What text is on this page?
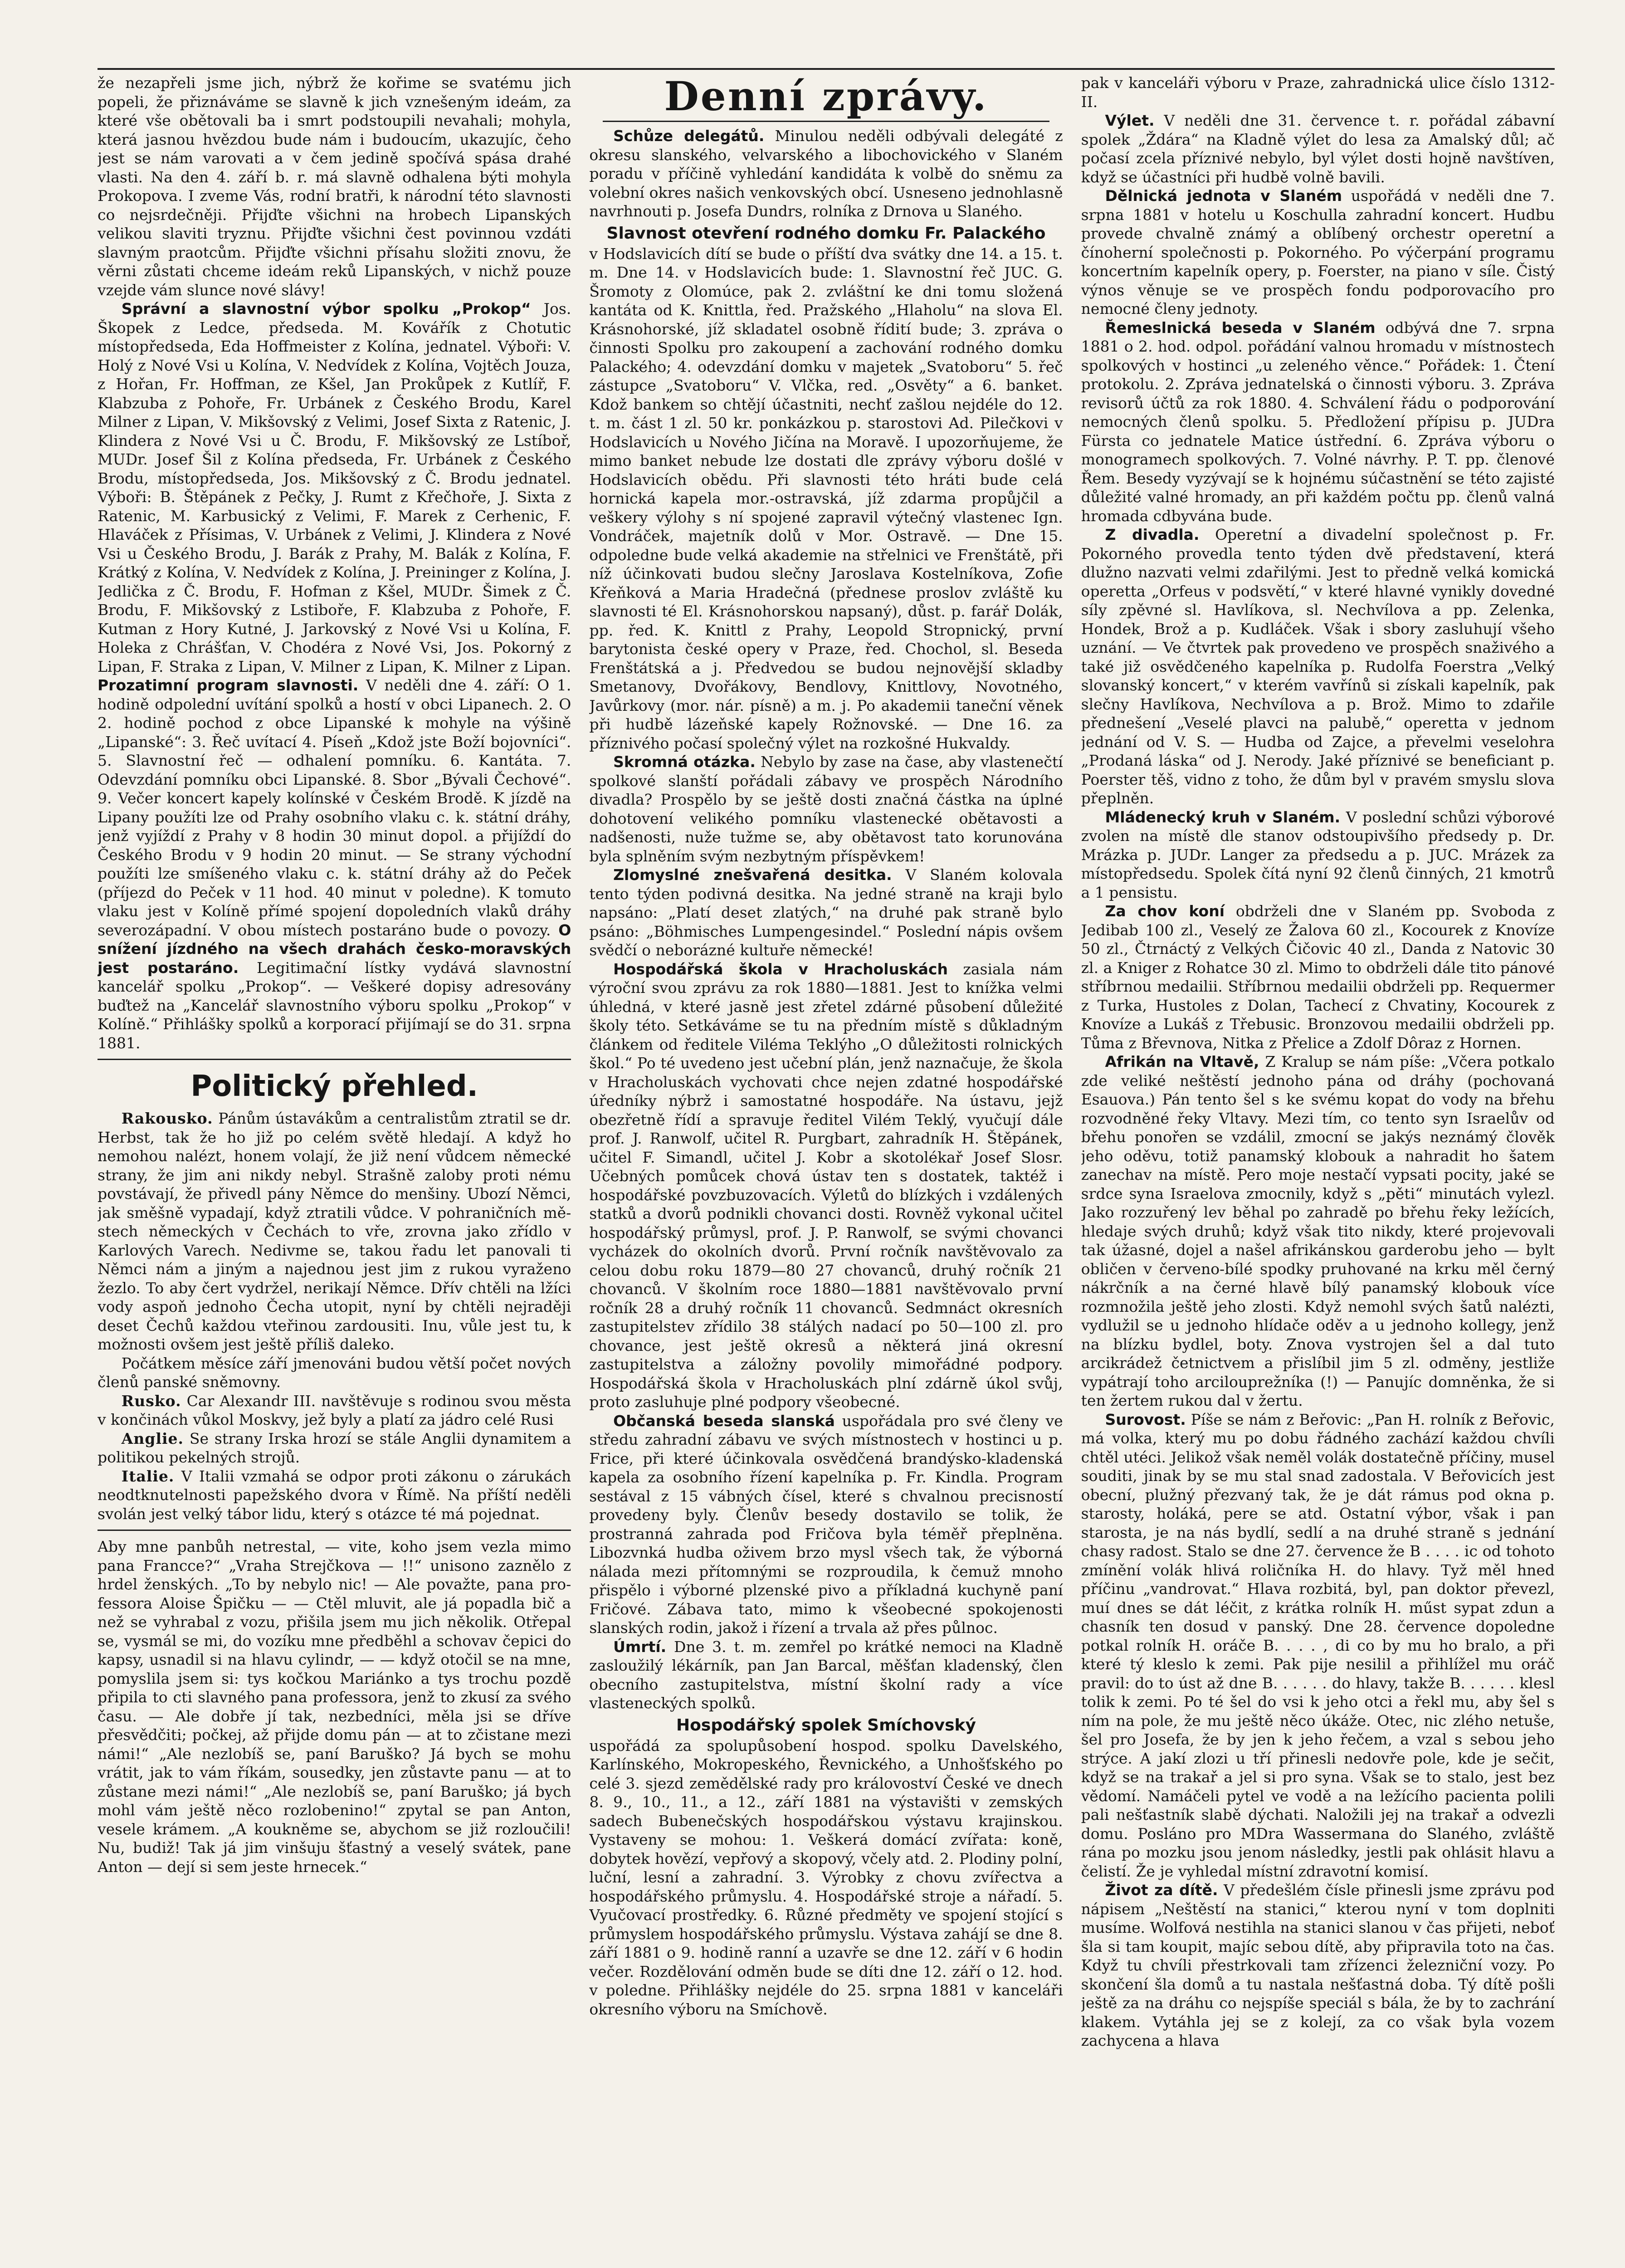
že nezapřeli jsme jich, nýbrž že kořime se svatému jich popeli, že přiznáváme se slavně k jich vznešeným ideám, za které vše obětovali ba i smrt podstoupili nevahali; mohyla, která jasnou hvězdou bude nám i budoucím, ukazujíc, čeho jest se nám varovati a v čem jedině spočívá spása drahé vlasti. Na den 4. září b. r. má slavně odhalena býti mohyla Prokopova. I zveme Vás, rodní bratři, k národní této slavnosti co nejsrdečněji. Přijďte všichni na hrobech Lipanských velikou slaviti tryznu. Přijďte všichni čest povinnou vzdáti slavným praotcům. Přijďte všichni přísahu složiti znovu, že věrni zůstati chceme ideám reků Lipanských, v nichž pouze vzejde vám slunce nové slávy!

Správní a slavnostní výbor spolku „Prokop“ Jos. Škopek z Ledce, předseda. M. Kovářík z Chotutic místopředseda, Eda Hoffmeister z Kolína, jednatel. Výboři: V. Holý z Nové Vsi u Kolína, V. Nedvídek z Kolína, Vojtěch Jouza, z Hořan, Fr. Hoffman, ze Kšel, Jan Prokůpek z Kutlíř, F. Klabzuba z Pohoře, Fr. Urbánek z Českého Brodu, Karel Milner z Lipan, V. Mikšovský z Velimi, Josef Sixta z Ratenic, J. Klindera z Nové Vsi u Č. Brodu, F. Mikšovský ze Lstíboř, MUDr. Josef Šil z Kolína předseda, Fr. Urbánek z Českého Brodu, místopředseda, Jos. Mikšovský z Č. Brodu jednatel. Výboři: B. Štěpánek z Pečky, J. Rumt z Křečhoře, J. Sixta z Ratenic, M. Karbusický z Velimi, F. Marek z Cerhenic, F. Hlaváček z Přísimas, V. Urbánek z Velimi, J. Klindera z Nové Vsi u Českého Brodu, J. Barák z Prahy, M. Balák z Kolína, F. Krátký z Kolína, V. Nedvídek z Kolína, J. Preininger z Kolína, J. Jedlička z Č. Brodu, F. Hofman z Kšel, MUDr. Šimek z Č. Brodu, F. Mikšovský z Lstiboře, F. Klabzuba z Pohoře, F. Kutman z Hory Kutné, J. Jarkovský z Nové Vsi u Kolína, F. Holeka z Chrášťan, V. Chodéra z Nové Vsi, Jos. Pokorný z Lipan, F. Straka z Lipan, V. Milner z Lipan, K. Milner z Lipan. Prozatimní program slavnosti. V neděli dne 4. září: O 1. hodině odpolední uvítání spolků a hostí v obci Lipanech. 2. O 2. hodině pochod z obce Lipanské k mohyle na výšině „Lipanské“: 3. Řeč uvítací 4. Píseň „Kdož jste Boží bojovníci“. 5. Slavnostní řeč — odhalení pomníku. 6. Kantáta. 7. Odevzdání pomníku obci Lipanské. 8. Sbor „Bývali Čechové“. 9. Večer koncert kapely kolínské v Českém Brodě. K jízdě na Lipany použíti lze od Prahy osobního vlaku c. k. státní dráhy, jenž vyjíždí z Prahy v 8 hodin 30 minut dopol. a přijíždí do Českého Brodu v 9 hodin 20 minut. — Se strany východní použíti lze smíšeného vlaku c. k. státní dráhy až do Peček (příjezd do Peček v 11 hod. 40 minut v poledne). K tomuto vlaku jest v Kolíně přímé spojení dopoledních vlaků dráhy severozápadní. V obou místech postaráno bude o povozy. O snížení jízdného na všech drahách česko-moravských jest postaráno. Legitimační lístky vydává slavnostní kancelář spolku „Prokop“. — Veškeré dopisy adresovány buďtež na „Kancelář slavnostního výboru spolku „Prokop“ v Kolíně.“ Přihlášky spolků a korporací přijímají se do 31. srpna 1881.

Politický přehled.

Rakousko. Pánům ústavákům a centralistům ztratil se dr. Herbst, tak že ho již po celém světě hledají. A když ho nemohou nalézt, honem volají, že již není vůdcem německé strany, že jim ani nikdy nebyl. Strašně zaloby proti nému povstávají, že přivedl pány Němce do menšiny. Ubozí Němci, jak směšně vypadají, když ztratili vůdce. V pohraničních městech německých v Čechách to vře, zrovna jako zřídlo v Karlových Varech. Nedivme se, takou řadu let panovali ti Němci nám a jiným a najednou jest jim z rukou vyraženo žezlo. To aby čert vydržel, nerikají Němce. Dřív chtěli na lžíci vody aspoň jednoho Čecha utopit, nyní by chtěli nejraději deset Čechů každou vteřinou zardousiti. Inu, vůle jest tu, k možnosti ovšem jest ještě příliš daleko.

Počátkem měsíce září jmenováni budou větší počet nových členů panské sněmovny.

Rusko. Car Alexandr III. navštěvuje s rodinou svou města v končinách vůkol Moskvy, jež byly a platí za jádro celé Rusi

Anglie. Se strany Irska hrozí se stále Anglii dynamitem a politikou pekelných strojů.

Italie. V Italii vzmahá se odpor proti zákonu o zárukách neodtknutelnosti papežského dvora v Římě. Na příští neděli svolán jest velký tábor lidu, který s otázce té má pojednat.

Aby mne panbůh netrestal, — vite, koho jsem vezla mimo pana Francce?“ „Vraha Strejčkova — !!“ unisono zaznělo z hrdel ženských. „To by nebylo nic! — Ale považte, pana professora Aloise Špičku — — Ctěl mluvit, ale já popadla bič a než se vyhrabal z vozu, přišila jsem mu jich několik. Otřepal se, vysmál se mi, do vozíku mne předběhl a schovav čepici do kapsy, usnadil si na hlavu cylindr, — — když otočil se na mne, pomyslila jsem si: tys kočkou Mariánko a tys trochu pozdě připila to cti slavného pana professora, jenž to zkusí za svého času. — Ale dobře jí tak, nezbedníci, měla jsi se dříve přesvědčiti; počkej, až přijde domu pán — at to zčistane mezi námi!“ „Ale nezlobíš se, paní Baruško? Já bych se mohu vrátit, jak to vám říkám, sousedky, jen zůstavte panu — at to zůstane mezi námi!“ „Ale nezlobíš se, paní Baruško; já bych mohl vám ještě něco rozlobenino!“ zpytal se pan Anton, vesele krámem. „A koukněme se, abychom se již rozloučili! Nu, budiž! Tak já jim vinšuju šťastný a veselý svátek, pane Anton — dejí si sem jeste hrnecek.“

Denní zprávy.

Schůze delegátů. Minulou neděli odbývali delegáté z okresu slanského, velvarského a libochovického v Slaném poradu v příčině vyhledání kandidáta k volbě do sněmu za volební okres našich venkovských obcí. Usneseno jednohlasně navrhnouti p. Josefa Dundrs, rolníka z Drnova u Slaného.

Slavnost otevření rodného domku Fr. Palackého

v Hodslavicích dítí se bude o příští dva svátky dne 14. a 15. t. m. Dne 14. v Hodslavicích bude: 1. Slavnostní řeč JUC. G. Šromoty z Olomúce, pak 2. zvláštní ke dni tomu složená kantáta od K. Knittla, řed. Pražského „Hlaholu“ na slova El. Krásnohorské, jíž skladatel osobně řídití bude; 3. zpráva o činnosti Spolku pro zakoupení a zachování rodného domku Palackého; 4. odevzdání domku v majetek „Svatoboru“ 5. řeč zástupce „Svatoboru“ V. Vlčka, red. „Osvěty“ a 6. banket. Kdož bankem so chtějí účastniti, nechť zašlou nejdéle do 12. t. m. část 1 zl. 50 kr. ponkázkou p. starostovi Ad. Pilečkovi v Hodslavicích u Nového Jičína na Moravě. I upozorňujeme, že mimo banket nebude lze dostati dle zprávy výboru došlé v Hodslavicích obědu. Při slavnosti této hráti bude celá hornická kapela mor.-ostravská, jíž zdarma propůjčil a veškery výlohy s ní spojené zapravil výtečný vlastenec Ign. Vondráček, majetník dolů v Mor. Ostravě. — Dne 15. odpoledne bude velká akademie na střelnici ve Frenštátě, při níž účinkovati budou slečny Jaroslava Kostelníkova, Zofie Křeňková a Maria Hradečná (přednese proslov zvláště ku slavnosti té El. Krásnohorskou napsaný), důst. p. farář Dolák, pp. řed. K. Knittl z Prahy, Leopold Stropnický, první barytonista české opery v Praze, řed. Chochol, sl. Beseda Frenštátská a j. Předvedou se budou nejnovější skladby Smetanovy, Dvořákovy, Bendlovy, Knittlovy, Novotného, Javůrkovy (mor. nár. písně) a m. j. Po akademii taneční věnek při hudbě lázeňské kapely Rožnovské. — Dne 16. za příznivého počasí společný výlet na rozkošné Hukvaldy.

Skromná otázka. Nebylo by zase na čase, aby vlastenečtí spolkové slanští pořádali zábavy ve prospěch Národního divadla? Prospělo by se ještě dosti značná částka na úplné dohotovení velikého pomníku vlastenecké obětavosti a nadšenosti, nuže tužme se, aby obětavost tato korunována byla splněním svým nezbytným příspěvkem!

Zlomyslné znešvařená desitka. V Slaném kolovala tento týden podivná desitka. Na jedné straně na kraji bylo napsáno: „Platí deset zlatých,“ na druhé pak straně bylo psáno: „Böhmisches Lumpengesindel.“ Poslední nápis ovšem svědčí o neborázné kultuře německé!

Hospodářská škola v Hracholuskách zasiala nám výroční svou zprávu za rok 1880—1881. Jest to knížka velmi úhledná, v které jasně jest zřetel zdárné působení důležité školy této. Setkáváme se tu na předním místě s důkladným článkem od ředitele Viléma Teklýho „O důležitosti rolnických škol.“ Po té uvedeno jest učební plán, jenž naznačuje, že škola v Hracholuskách vychovati chce nejen zdatné hospodářské úředníky nýbrž i samostatné hospodáře. Na ústavu, jejž obezřetně řídí a spravuje ředitel Vilém Teklý, vyučují dále prof. J. Ranwolf, učitel R. Purgbart, zahradník H. Štěpánek, učitel F. Simandl, učitel J. Kobr a skotolékař Josef Slosr. Učebných pomůcek chová ústav ten s dostatek, taktéž i hospodářské povzbuzovacích. Výletů do blízkých i vzdálených statků a dvorů podnikli chovanci dosti. Rovněž vykonal učitel hospodářský průmysl, prof. J. P. Ranwolf, se svými chovanci vycházek do okolních dvorů. První ročník navštěvovalo za celou dobu roku 1879—80 27 chovanců, druhý ročník 21 chovanců. V školním roce 1880—1881 navštěvovalo první ročník 28 a druhý ročník 11 chovanců. Sedmnáct okresních zastupitelstev zřídilo 38 stálých nadací po 50—100 zl. pro chovance, jest ještě okresů a některá jiná okresní zastupitelstva a záložny povolily mimořádné podpory. Hospodářská škola v Hracholuskách plní zdárně úkol svůj, proto zasluhuje plné podpory všeobecné.

Občanská beseda slanská uspořádala pro své členy ve středu zahradní zábavu ve svých místnostech v hostinci u p. Frice, při které účinkovala osvědčená brandýsko-kladenská kapela za osobního řízení kapelníka p. Fr. Kindla. Program sestával z 15 vábných čísel, které s chvalnou precisností provedeny byly. Členův besedy dostavilo se tolik, že prostranná zahrada pod Fričova byla téměř přeplněna. Libozvnká hudba oživem brzo mysl všech tak, že výborná nálada mezi přítomnými se rozproudila, k čemuž mnoho přispělo i výborné plzenské pivo a příkladná kuchyně paní Fričové. Zábava tato, mimo k všeobecné spokojenosti slanských rodin, jakož i řízení a trvala až přes půlnoc.

Úmrtí. Dne 3. t. m. zemřel po krátké nemoci na Kladně zasloužilý lékárník, pan Jan Barcal, měšťan kladenský, člen obecního zastupitelstva, místní školní rady a více vlasteneckých spolků.

Hospodářský spolek Smíchovský

uspořádá za spolupůsobení hospod. spolku Davelského, Karlínského, Mokropeského, Řevnického, a Unhošťského po celé 3. sjezd zemědělské rady pro královoství České ve dnech 8. 9., 10., 11., a 12., září 1881 na výstavišti v zemských sadech Bubenečských hospodářskou výstavu krajinskou. Vystaveny se mohou: 1. Veškerá domácí zvířata: koně, dobytek hovězí, vepřový a skopový, včely atd. 2. Plodiny polní, luční, lesní a zahradní. 3. Výrobky z chovu zvířectva a hospodářského průmyslu. 4. Hospodářské stroje a nářadí. 5. Vyučovací prostředky. 6. Různé předměty ve spojení stojící s průmyslem hospodářského průmyslu. Výstava zahájí se dne 8. září 1881 o 9. hodině ranní a uzavře se dne 12. září v 6 hodin večer. Rozdělování odměn bude se díti dne 12. září o 12. hod. v poledne. Přihlášky nejdéle do 25. srpna 1881 v kanceláři okresního výboru na Smíchově.

pak v kanceláři výboru v Praze, zahradnická ulice číslo 1312-II.

Výlet. V neděli dne 31. července t. r. pořádal zábavní spolek „Ždára“ na Kladně výlet do lesa za Amalský důl; ač počasí zcela příznivé nebylo, byl výlet dosti hojně navštíven, když se účastníci při hudbě volně bavili.

Dělnická jednota v Slaném uspořádá v neděli dne 7. srpna 1881 v hotelu u Koschulla zahradní koncert. Hudbu provede chvalně známý a oblíbený orchestr operetní a čínoherní společnosti p. Pokorného. Po výčerpání programu koncertním kapelník opery, p. Foerster, na piano v síle. Čistý výnos věnuje se ve prospěch fondu podporovacího pro nemocné členy jednoty.

Řemeslnická beseda v Slaném odbývá dne 7. srpna 1881 o 2. hod. odpol. pořádání valnou hromadu v místnostech spolkových v hostinci „u zeleného věnce.“ Pořádek: 1. Čtení protokolu. 2. Zpráva jednatelská o činnosti výboru. 3. Zpráva revisorů účtů za rok 1880. 4. Schválení řádu o podporování nemocných členů spolku. 5. Předložení přípisu p. JUDra Fürsta co jednatele Matice ústřední. 6. Zpráva výboru o monogramech spolkových. 7. Volné návrhy. P. T. pp. členové Řem. Besedy vyzývají se k hojnému súčastnění se této zajisté důležité valné hromady, an při každém počtu pp. členů valná hromada cdbyvána bude.

Z divadla. Operetní a divadelní společnost p. Fr. Pokorného provedla tento týden dvě představení, která dlužno nazvati velmi zdařilými. Jest to předně velká komická operetta „Orfeus v podsvětí,“ v které hlavné vynikly dovedné síly zpěvné sl. Havlíkova, sl. Nechvílova a pp. Zelenka, Hondek, Brož a p. Kudláček. Však i sbory zasluhují všeho uznání. — Ve čtvrtek pak provedeno ve prospěch snaživého a také již osvědčeného kapelníka p. Rudolfa Foerstra „Velký slovanský koncert,“ v kterém vavřínů si získali kapelník, pak slečny Havlíkova, Nechvílova a p. Brož. Mimo to zdařile přednešení „Veselé plavci na palubě,“ operetta v jednom jednání od V. S. — Hudba od Zajce, a převelmi veselohra „Prodaná láska“ od J. Nerody. Jaké příznivé se beneficiant p. Poerster těš, vidno z toho, že dům byl v pravém smyslu slova přeplněn.

Mládenecký kruh v Slaném. V poslední schůzi výborové zvolen na místě dle stanov odstoupivšího předsedy p. Dr. Mrázka p. JUDr. Langer za předsedu a p. JUC. Mrázek za místopředsedu. Spolek čítá nyní 92 členů činných, 21 kmotrů a 1 pensistu.

Za chov koní obdrželi dne v Slaném pp. Svoboda z Jedibab 100 zl., Veselý ze Žalova 60 zl., Kocourek z Knovíze 50 zl., Čtrnáctý z Velkých Čičovic 40 zl., Danda z Natovic 30 zl. a Kniger z Rohatce 30 zl. Mimo to obdrželi dále tito pánové stříbrnou medailii. Stříbrnou medailii obdrželi pp. Requermer z Turka, Hustoles z Dolan, Tachecí z Chvatiny, Kocourek z Knovíze a Lukáš z Třebusic. Bronzovou medailii obdrželi pp. Tůma z Břevnova, Nitka z Přelice a Zdolf Dôraz z Hornen.

Afrikán na Vltavě, Z Kralup se nám píše: „Včera potkalo zde veliké neštěstí jednoho pána od dráhy (pochovaná Esauova.) Pán tento šel s ke svému kopat do vody na břehu rozvodněné řeky Vltavy. Mezi tím, co tento syn Israelův od břehu ponořen se vzdálil, zmocní se jakýs neznámý člověk jeho oděvu, totiž panamský klobouk a nahradit ho šatem zanechav na místě. Pero moje nestačí vypsati pocity, jaké se srdce syna Israelova zmocnily, když s „pěti“ minutách vylezl. Jako rozzuřený lev běhal po zahradě po břehu řeky ležících, hledaje svých druhů; když však tito nikdy, které projevovali tak úžasné, dojel a našel afrikánskou garderobu jeho — bylt obličen v červeno-bílé spodky pruhované na krku měl černý nákrčník a na černé hlavě bílý panamský klobouk více rozmnožila ještě jeho zlosti. Když nemohl svých šatů nalézti, vydlužil se u jednoho hlídače oděv a u jednoho kollegy, jenž na blízku bydlel, boty. Znova vystrojen šel a dal tuto arcikrádež četnictvem a přislíbil jim 5 zl. odměny, jestliže vypátrají toho arcilouprežníka (!) — Panujíc domněnka, že si ten žertem rukou dal v žertu.

Surovost. Píše se nám z Beřovic: „Pan H. rolník z Beřovic, má volka, který mu po dobu řádného zachází každou chvíli chtěl utéci. Jelikož však neměl volák dostatečně příčiny, musel souditi, jinak by se mu stal snad zadostala. V Beřovicích jest obecní, plužný přezvaný tak, že je dát rámus pod okna p. starosty, holáká, pere se atd. Ostatní výbor, však i pan starosta, je na nás bydlí, sedlí a na druhé straně s jednání chasy radost. Stalo se dne 27. července že B . . . . ic od tohoto zmínění volák hlivá roličníka H. do hlavy. Tyž měl hned příčinu „vandrovat.“ Hlava rozbitá, byl, pan doktor převezl, muí dnes se dát léčit, z krátka rolník H. műst sypat zdun a chasník ten dosud v panský. Dne 28. července dopoledne potkal rolník H. oráče B. . . . , di co by mu ho bralo, a při které tý kleslo k zemi. Pak pije nesilil a přihlížel mu oráč pravil: do to úst až dne B. . . . . . do hlavy, takže B. . . . . . klesl tolik k zemi. Po té šel do vsi k jeho otci a řekl mu, aby šel s ním na pole, že mu ještě něco úkáže. Otec, nic zlého netuše, šel pro Josefa, že by jen k jeho řečem, a vzal s sebou jeho strýce. A jakí zlozi u tří přinesli nedovře pole, kde je sečit, když se na trakař a jel si pro syna. Však se to stalo, jest bez vědomí. Namáčeli pytel ve vodě a na ležícího pacienta polili pali nešťastník slabě dýchati. Naložili jej na trakař a odvezli domu. Posláno pro MDra Wassermana do Slaného, zvláště rána po mozku jsou jenom následky, jestli pak ohlásit hlavu a čelistí. Že je vyhledal místní zdravotní komisí.

Život za dítě. V předešlém čísle přinesli jsme zprávu pod nápisem „Neštěstí na stanici,“ kterou nyní v tom doplniti musíme. Wolfová nestihla na stanici slanou v čas přijeti, neboť šla si tam koupit, majíc sebou dítě, aby připravila toto na čas. Když tu chvíli přestrkovali tam zřízenci železniční vozy. Po skončení šla domů a tu nastala nešťastná doba. Tý dítě pošli ještě za na dráhu co nejspíše speciál s bála, že by to zachrání klakem. Vytáhla jej se z kolejí, za co však byla vozem zachycena a hlava
